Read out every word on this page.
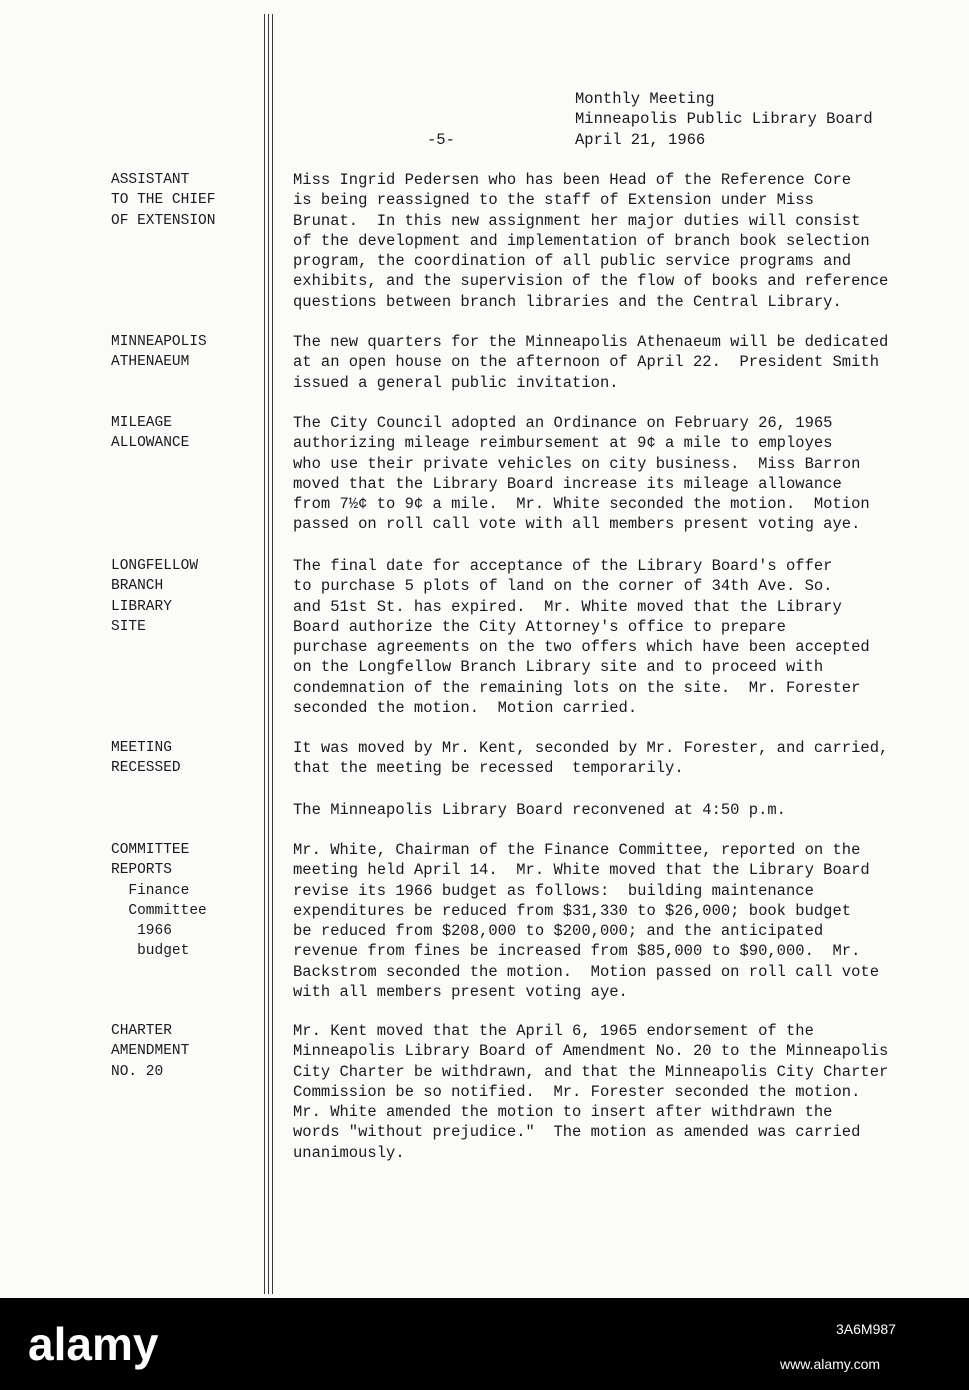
Monthly Meeting
Minneapolis Public Library Board
April 21, 1966
-5-
ASSISTANT
TO THE CHIEF
OF EXTENSION
Miss Ingrid Pedersen who has been Head of the Reference Core
is being reassigned to the staff of Extension under Miss
Brunat.  In this new assignment her major duties will consist
of the development and implementation of branch book selection
program, the coordination of all public service programs and
exhibits, and the supervision of the flow of books and reference
questions between branch libraries and the Central Library.
MINNEAPOLIS
ATHENAEUM
The new quarters for the Minneapolis Athenaeum will be dedicated
at an open house on the afternoon of April 22.  President Smith
issued a general public invitation.
MILEAGE
ALLOWANCE
The City Council adopted an Ordinance on February 26, 1965
authorizing mileage reimbursement at 9¢ a mile to employes
who use their private vehicles on city business.  Miss Barron
moved that the Library Board increase its mileage allowance
from 7½¢ to 9¢ a mile.  Mr. White seconded the motion.  Motion
passed on roll call vote with all members present voting aye.
LONGFELLOW
BRANCH
LIBRARY
SITE
The final date for acceptance of the Library Board's offer
to purchase 5 plots of land on the corner of 34th Ave. So.
and 51st St. has expired.  Mr. White moved that the Library
Board authorize the City Attorney's office to prepare
purchase agreements on the two offers which have been accepted
on the Longfellow Branch Library site and to proceed with
condemnation of the remaining lots on the site.  Mr. Forester
seconded the motion.  Motion carried.
MEETING
RECESSED
It was moved by Mr. Kent, seconded by Mr. Forester, and carried,
that the meeting be recessed  temporarily.
The Minneapolis Library Board reconvened at 4:50 p.m.
COMMITTEE
REPORTS
Finance
Committee
1966
budget
Mr. White, Chairman of the Finance Committee, reported on the
meeting held April 14.  Mr. White moved that the Library Board
revise its 1966 budget as follows:  building maintenance
expenditures be reduced from $31,330 to $26,000; book budget
be reduced from $208,000 to $200,000; and the anticipated
revenue from fines be increased from $85,000 to $90,000.  Mr.
Backstrom seconded the motion.  Motion passed on roll call vote
with all members present voting aye.
CHARTER
AMENDMENT
NO. 20
Mr. Kent moved that the April 6, 1965 endorsement of the
Minneapolis Library Board of Amendment No. 20 to the Minneapolis
City Charter be withdrawn, and that the Minneapolis City Charter
Commission be so notified.  Mr. Forester seconded the motion.
Mr. White amended the motion to insert after withdrawn the
words "without prejudice."  The motion as amended was carried
unanimously.
alamy	3A6M987
www.alamy.com
